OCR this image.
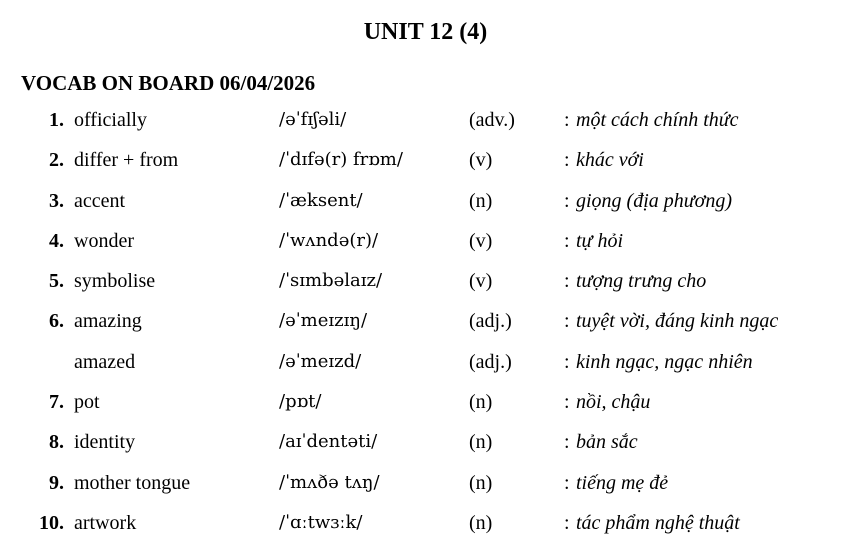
UNIT 12 (4)
VOCAB ON BOARD 06/04/2026
1. officially	/əˈfɪʃəli/	(adv.) : một cách chính thức
2. differ + from	/ˈdɪfə(r) frɒm/	(v)	: khác với
3. accent	/ˈæksent/	(n)	: giọng (địa phương)
4. wonder	/ˈwʌndə(r)/	(v)	: tự hỏi
5. symbolise	/ˈsɪmbəlaɪz/	(v)	: tượng trưng cho
6. amazing	/əˈmeɪzɪŋ/	(adj.)	: tuyệt vời, đáng kinh ngạc
amazed	/əˈmeɪzd/	(adj.)	: kinh ngạc, ngạc nhiên
7. pot	/pɒt/	(n)	: nồi, chậu
8. identity	/aɪˈdentəti/	(n)	: bản sắc
9. mother tongue	/ˈmʌðə tʌŋ/	(n)	: tiếng mẹ đẻ
10. artwork	/ˈɑːtwɜːk/	(n)	: tác phẩm nghệ thuật
